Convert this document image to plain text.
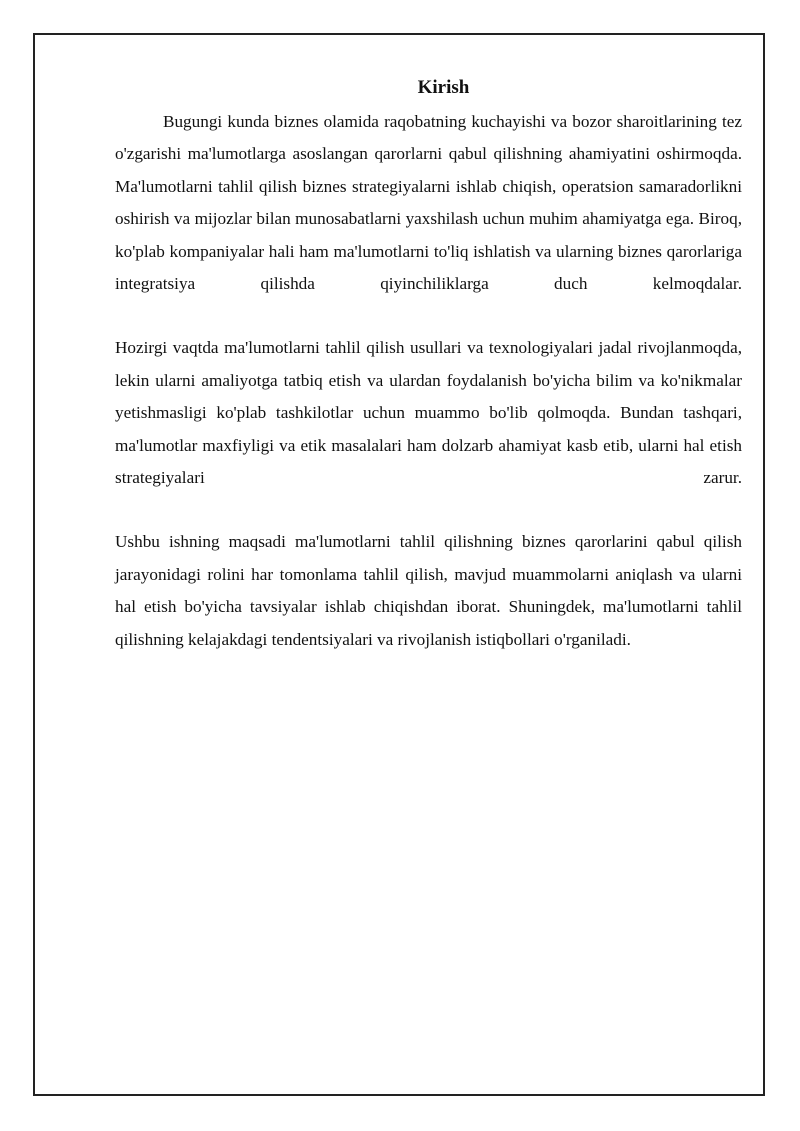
Kirish

Bugungi kunda biznes olamida raqobatning kuchayishi va bozor sharoitlarining tez o'zgarishi ma'lumotlarga asoslangan qarorlarni qabul qilishning ahamiyatini oshirmoqda. Ma'lumotlarni tahlil qilish biznes strategiyalarni ishlab chiqish, operatsion samaradorlikni oshirish va mijozlar bilan munosabatlarni yaxshilash uchun muhim ahamiyatga ega. Biroq, ko'plab kompaniyalar hali ham ma'lumotlarni to'liq ishlatish va ularning biznes qarorlariga integratsiya qilishda qiyinchiliklarga duch kelmoqdalar.

Hozirgi vaqtda ma'lumotlarni tahlil qilish usullari va texnologiyalari jadal rivojlanmoqda, lekin ularni amaliyotga tatbiq etish va ulardan foydalanish bo'yicha bilim va ko'nikmalar yetishmasligi ko'plab tashkilotlar uchun muammo bo'lib qolmoqda. Bundan tashqari, ma'lumotlar maxfiyligi va etik masalalari ham dolzarb ahamiyat kasb etib, ularni hal etish strategiyalari zarur.

Ushbu ishning maqsadi ma'lumotlarni tahlil qilishning biznes qarorlarini qabul qilish jarayonidagi rolini har tomonlama tahlil qilish, mavjud muammolarni aniqlash va ularni hal etish bo'yicha tavsiyalar ishlab chiqishdan iborat. Shuningdek, ma'lumotlarni tahlil qilishning kelajakdagi tendentsiyalari va rivojlanish istiqbollari o'rganiladi.
